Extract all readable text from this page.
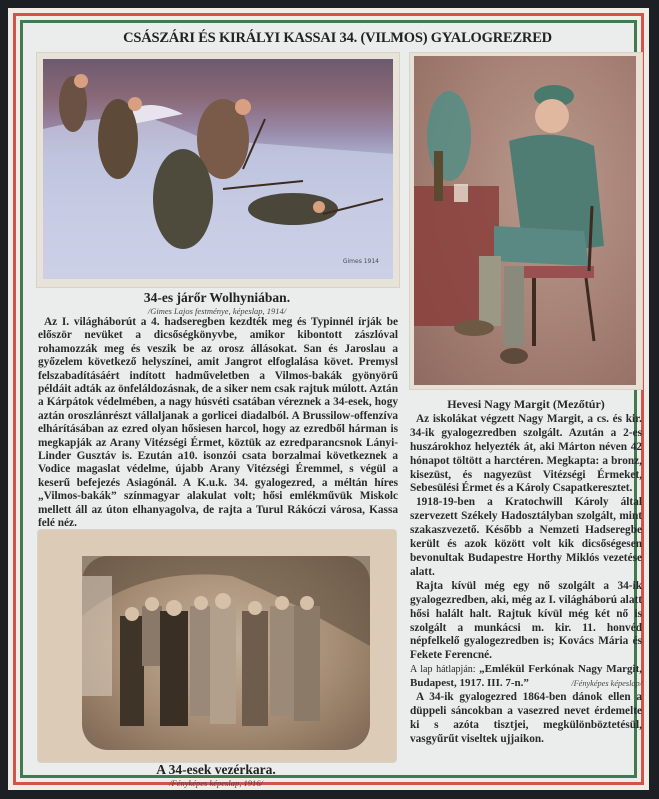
CSÁSZÁRI ÉS KIRÁLYI KASSAI 34. (VILMOS) GYALOGREZRED
Gimes 1914
34-es járőr Wolhyniában.
/Gimes Lajos festménye, képeslap, 1914/
Az I. világháborút a 4. hadseregben kezdték meg és Typinnél írják be először nevüket a dicsőségkönyvbe, amikor kibontott zászlóval rohamozzák meg és veszik be az orosz állásokat. San és Jaroslau a győzelem következő helyszínei, amit Jangrot elfoglalása követ. Premysl felszabadításáért indított hadműveletben a Vilmos-bakák gyönyörű példáit adták az önfeláldozásnak, de a siker nem csak rajtuk múlott. Aztán a Kárpátok védelmében, a nagy húsvéti csatában véreznek a 34-esek, hogy aztán oroszlánrészt vállaljanak a gorlicei diadalból. A Brussilow-offenzíva elhárításában az ezred olyan hősiesen harcol, hogy az ezredből hárman is megkapják az Arany Vitézségi Érmet, köztük az ezredparancsnok Lányi-Linder Gusztáv is. Ezután a10. isonzói csata borzalmai következnek a Vodice magaslat védelme, újabb Arany Vitézségi Éremmel, s végül a keserű befejezés Asiagónál. A K.u.k. 34. gyalogezred, a méltán híres „Vilmos-bakák” színmagyar alakulat volt; hősi emlékművük Miskolc mellett áll az úton elhanyagolva, de rajta a Turul Rákóczi városa, Kassa felé néz.
Hevesi Nagy Margit (Mezőtúr)
Az iskolákat végzett Nagy Margit, a cs. és kir. 34-ik gyalogezredben szolgált. Azután a 2-es huszárokhoz helyezték át, aki Márton néven 42 hónapot töltött a harctéren. Megkapta: a bronz, kisezüst, és nagyezüst Vitézségi Érmeket, Sebesülési Érmet és a Károly Csapatkeresztet.
1918-19-ben a Kratochwill Károly által szervezett Székely Hadosztályban szolgált, mint szakaszvezető. Később a Nemzeti Hadseregbe került és azok között volt kik dicsőségesen bevonultak Budapestre Horthy Miklós vezetése alatt.
Rajta kívül még egy nő szolgált a 34-ik gyalogezredben, aki, még az I. világháború alatt hősi halált halt. Rajtuk kívül még két nő is szolgált a munkácsi m. kir. 11. honvéd népfelkelő gyalogezredben is; Kovács Mária és Fekete Ferencné.
A lap hátlapján: „Emlékül Ferkónak Nagy Margit, Budapest, 1917. III. 7-n.”	/Fényképes képeslap/
A 34-ik gyalogezred 1864-ben dánok ellen a düppeli sáncokban a vasezred nevet érdemelte ki s azóta tisztjei, megkülönböztetésül, vasgyűrűt viseltek ujjaikon.
A 34-esek vezérkara.
/Fényképes képeslap, 1916/
